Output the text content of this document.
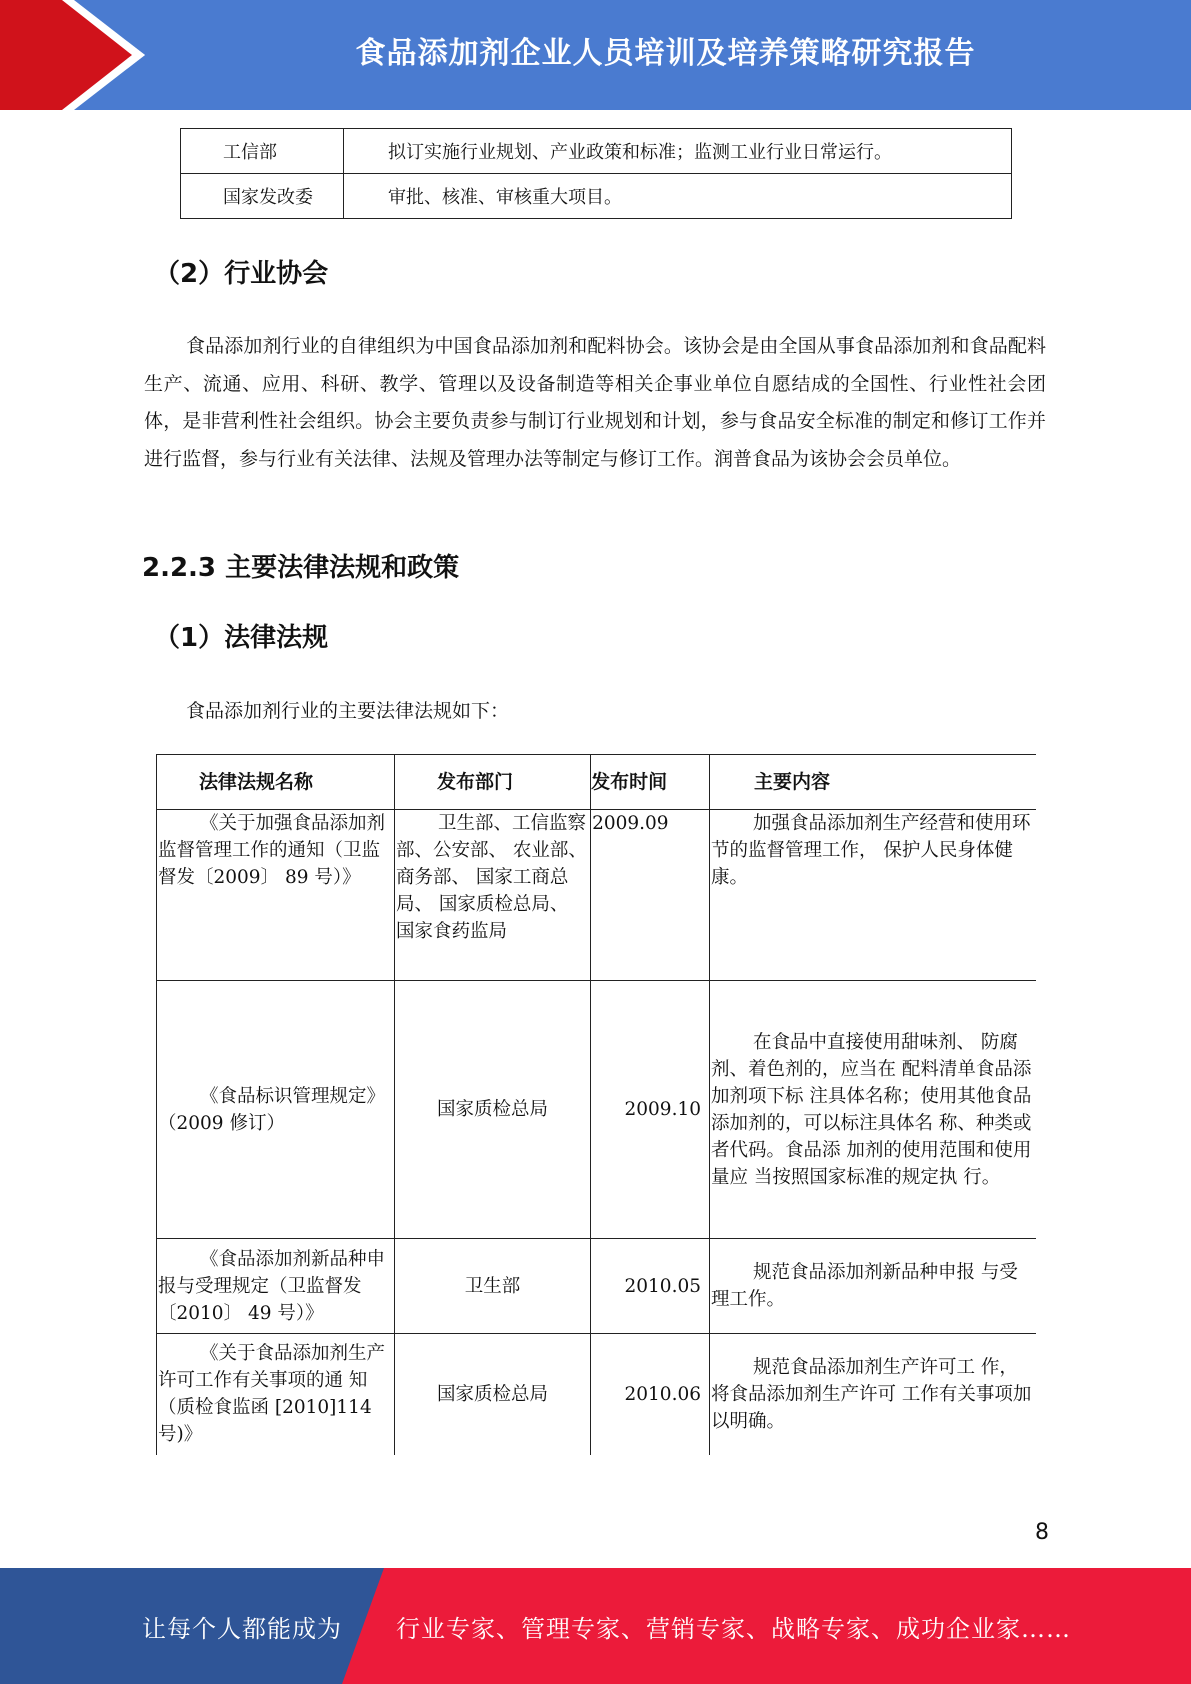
食品添加剂企业人员培训及培养策略研究报告
工信部	拟订实施行业规划、产业政策和标准；监测工业行业日常运行。
国家发改委	审批、核准、审核重大项目。
（2）行业协会

食品添加剂行业的自律组织为中国食品添加剂和配料协会。该协会是由全国从事食品添加剂和食品配料生产、流通、应用、科研、教学、管理以及设备制造等相关企事业单位自愿结成的全国性、行业性社会团体，是非营利性社会组织。协会主要负责参与制订行业规划和计划，参与食品安全标准的制定和修订工作并进行监督，参与行业有关法律、法规及管理办法等制定与修订工作。润普食品为该协会会员单位。

2.2.3 主要法律法规和政策
（1）法律法规
食品添加剂行业的主要法律法规如下：
法律法规名称	发布部门	发布时间	主要内容
《关于加强食品添加剂监督管理工作的通知（卫监督发〔2009〕 89 号）》	卫生部、工信监察部、公安部、 农业部、商务部、 国家工商总局、 国家质检总局、 国家食药监局	2009.09	加强食品添加剂生产经营和使用环节的监督管理工作， 保护人民身体健康。
《食品标识管理规定》（2009 修订）	国家质检总局	2009.10	在食品中直接使用甜味剂、 防腐剂、着色剂的，应当在 配料清单食品添加剂项下标 注具体名称；使用其他食品 添加剂的，可以标注具体名 称、种类或者代码。食品添 加剂的使用范围和使用量应 当按照国家标准的规定执 行。
《食品添加剂新品种申 报与受理规定（卫监督发〔2010〕 49 号）》	卫生部	2010.05	规范食品添加剂新品种申报 与受理工作。
《关于食品添加剂生产 许可工作有关事项的通 知（质检食监函 [2010]114 号)》	国家质检总局	2010.06	规范食品添加剂生产许可工 作，将食品添加剂生产许可 工作有关事项加以明确。
8
让每个人都能成为 行业专家、管理专家、营销专家、战略专家、成功企业家……
